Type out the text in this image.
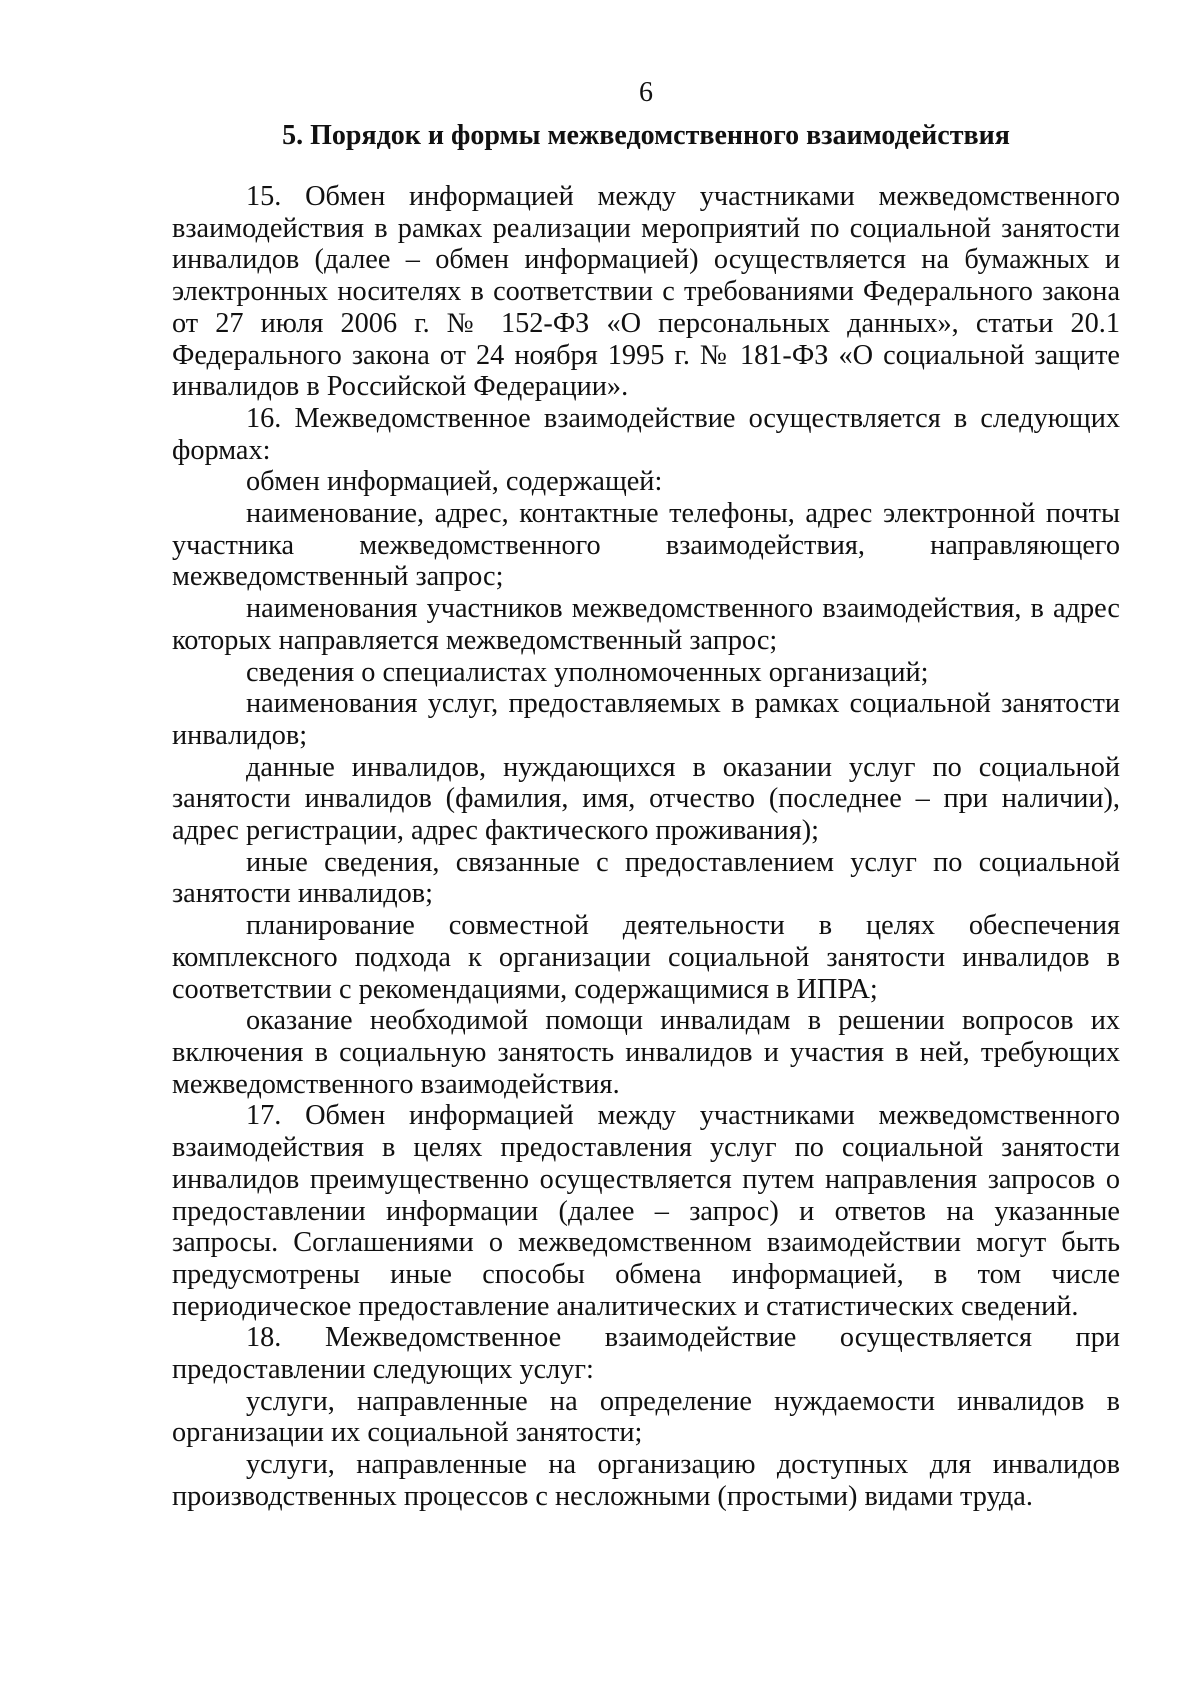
6
5. Порядок и формы межведомственного взаимодействия

15. Обмен информацией между участниками межведомственного взаимодействия в рамках реализации мероприятий по социальной занятости инвалидов (далее – обмен информацией) осуществляется на бумажных и электронных носителях в соответствии с требованиями Федерального закона от 27 июля 2006 г. № 152-ФЗ «О персональных данных», статьи 20.1 Федерального закона от 24 ноября 1995 г. № 181-ФЗ «О социальной защите инвалидов в Российской Федерации».

16. Межведомственное взаимодействие осуществляется в следующих формах:

обмен информацией, содержащей:

наименование, адрес, контактные телефоны, адрес электронной почты участника межведомственного взаимодействия, направляющего межведомственный запрос;

наименования участников межведомственного взаимодействия, в адрес которых направляется межведомственный запрос;

сведения о специалистах уполномоченных организаций;

наименования услуг, предоставляемых в рамках социальной занятости инвалидов;

данные инвалидов, нуждающихся в оказании услуг по социальной занятости инвалидов (фамилия, имя, отчество (последнее – при наличии), адрес регистрации, адрес фактического проживания);

иные сведения, связанные с предоставлением услуг по социальной занятости инвалидов;

планирование совместной деятельности в целях обеспечения комплексного подхода к организации социальной занятости инвалидов в соответствии с рекомендациями, содержащимися в ИПРА;

оказание необходимой помощи инвалидам в решении вопросов их включения в социальную занятость инвалидов и участия в ней, требующих межведомственного взаимодействия.

17. Обмен информацией между участниками межведомственного взаимодействия в целях предоставления услуг по социальной занятости инвалидов преимущественно осуществляется путем направления запросов о предоставлении информации (далее – запрос) и ответов на указанные запросы. Соглашениями о межведомственном взаимодействии могут быть предусмотрены иные способы обмена информацией, в том числе периодическое предоставление аналитических и статистических сведений.

18. Межведомственное взаимодействие осуществляется при предоставлении следующих услуг:

услуги, направленные на определение нуждаемости инвалидов в организации их социальной занятости;

услуги, направленные на организацию доступных для инвалидов производственных процессов с несложными (простыми) видами труда.
